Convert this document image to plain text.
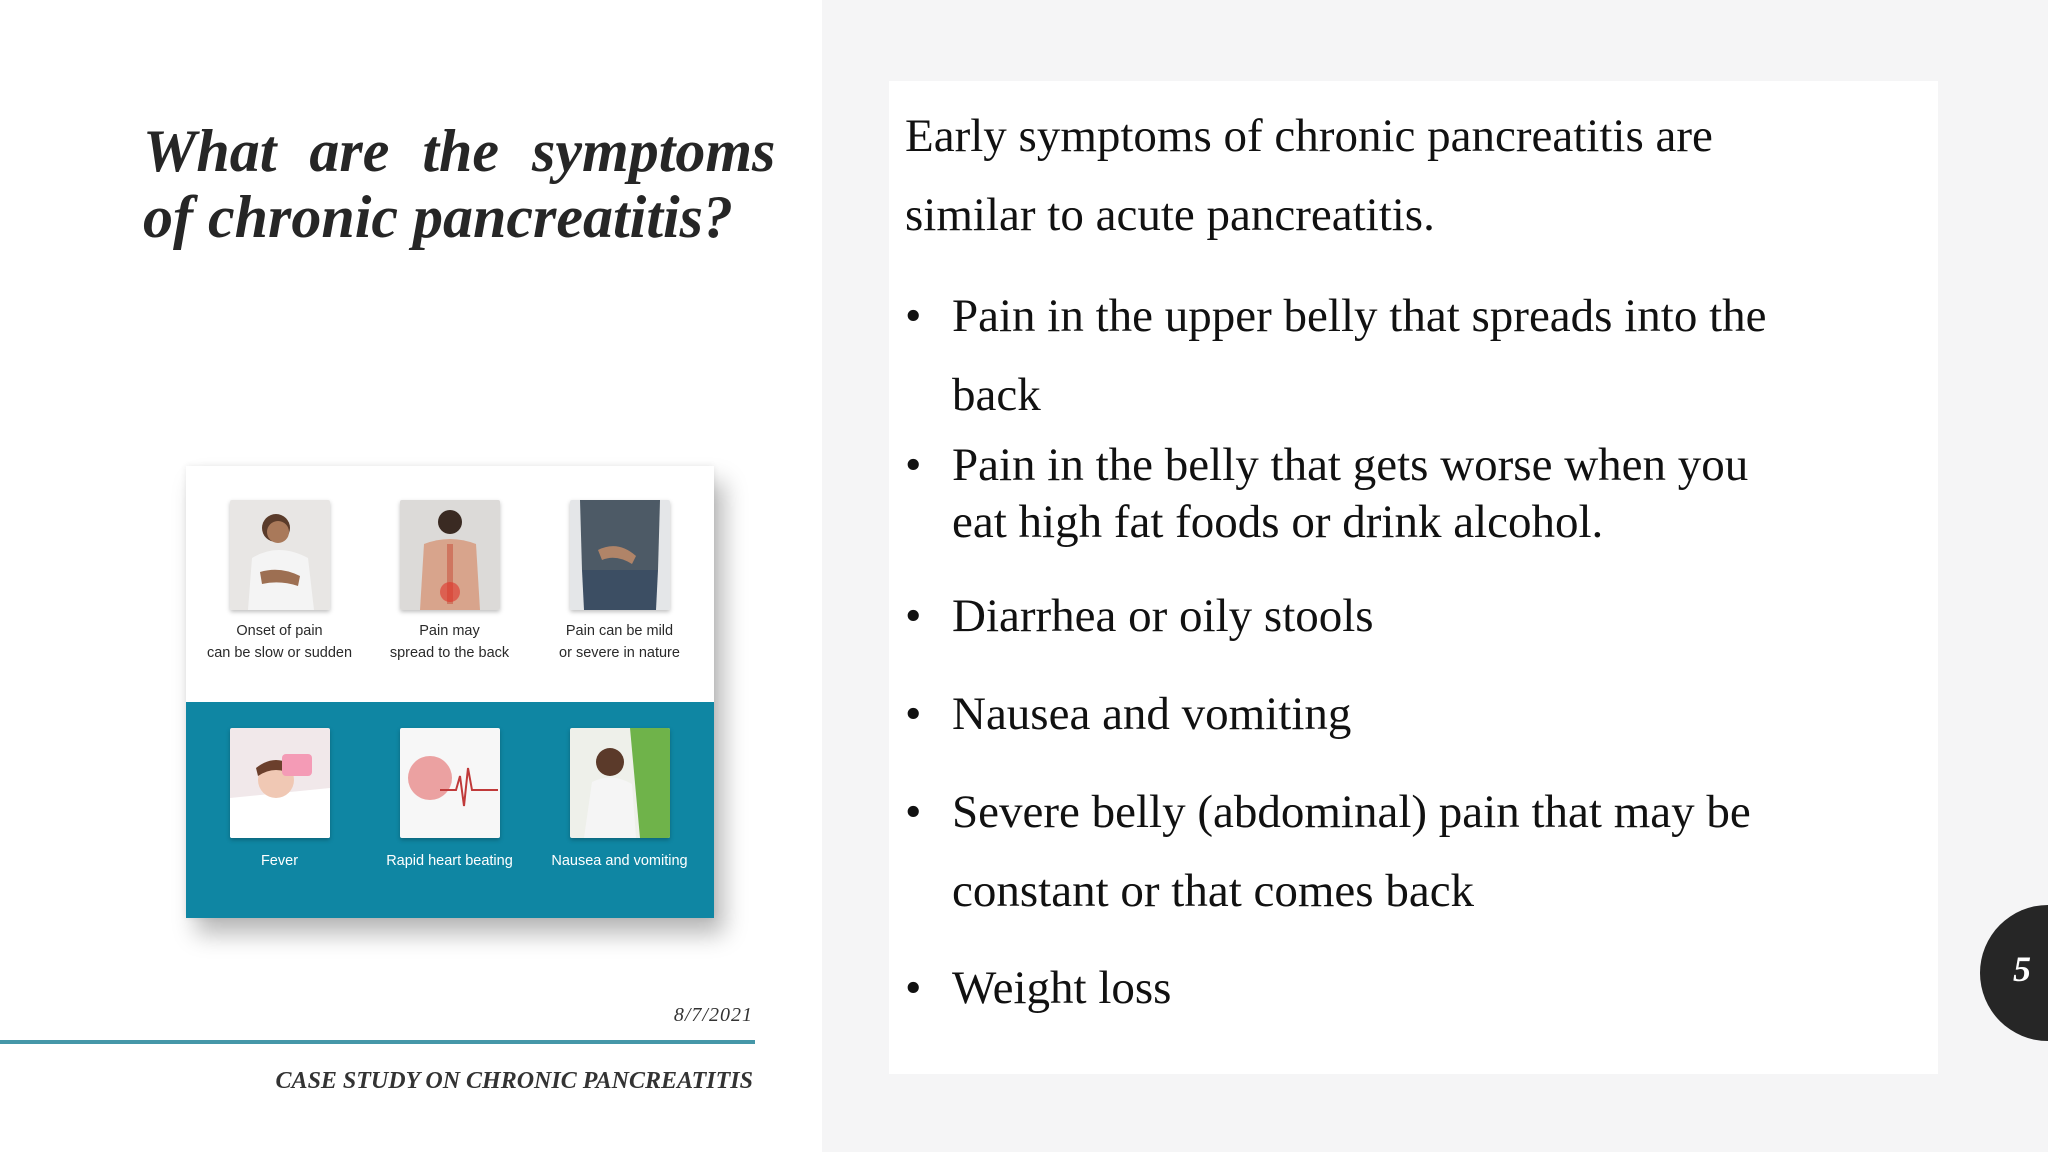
What are the symptoms
of chronic pancreatitis?
Onset of pain
can be slow or sudden
Pain may
spread to the back
Pain can be mild
or severe in nature
Fever	Rapid heart beating	Nausea and vomiting
8/7/2021
CASE STUDY ON CHRONIC PANCREATITIS

Early symptoms of chronic pancreatitis are
similar to acute pancreatitis.

• Pain in the upper belly that spreads into the
back
• Pain in the belly that gets worse when you
eat high fat foods or drink alcohol.
• Diarrhea or oily stools
• Nausea and vomiting
• Severe belly (abdominal) pain that may be
constant or that comes back
• Weight loss	5
